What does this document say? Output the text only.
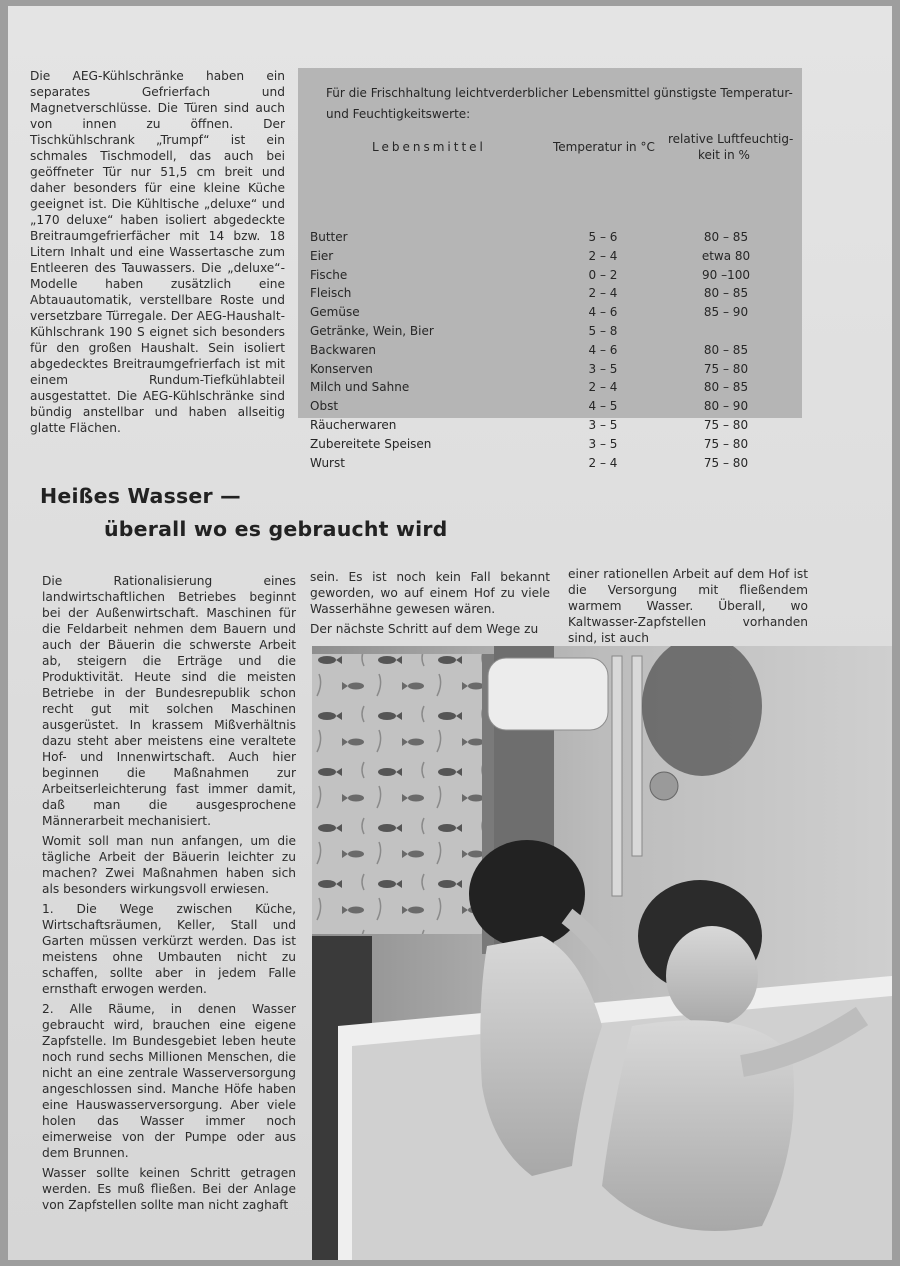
Die AEG-Kühlschränke haben ein separates Gefrierfach und Magnetverschlüsse. Die Türen sind auch von innen zu öffnen. Der Tischkühlschrank „Trumpf“ ist ein schmales Tischmodell, das auch bei geöffneter Tür nur 51,5 cm breit und daher besonders für eine kleine Küche geeignet ist. Die Kühltische „deluxe“ und „170 deluxe“ haben isoliert abgedeckte Breitraumgefrierfächer mit 14 bzw. 18 Litern Inhalt und eine Wassertasche zum Entleeren des Tauwassers. Die „deluxe“-Modelle haben zusätzlich eine Abtauautomatik, verstellbare Roste und versetzbare Türregale. Der AEG-Haushalt-Kühlschrank 190 S eignet sich besonders für den großen Haushalt. Sein isoliert abgedecktes Breitraumgefrierfach ist mit einem Rundum-Tiefkühlabteil ausgestattet. Die AEG-Kühlschränke sind bündig anstellbar und haben allseitig glatte Flächen.

Für die Frischhaltung leichtverderblicher Lebensmittel günstigste Temperatur- und Feuchtigkeitswerte:
Lebensmittel	Temperatur in °C
relative Luftfeuchtig-
keit in %
Butter	5 – 6	80 – 85
Eier	2 – 4	etwa 80
Fische	0 – 2	90 –100
Fleisch	2 – 4	80 – 85
Gemüse	4 – 6	85 – 90
Getränke, Wein, Bier	5 – 8
Backwaren	4 – 6	80 – 85
Konserven	3 – 5	75 – 80
Milch und Sahne	2 – 4	80 – 85
Obst	4 – 5	80 – 90
Räucherwaren	3 – 5	75 – 80
Zubereitete Speisen	3 – 5	75 – 80
Wurst	2 – 4	75 – 80
Heißes Wasser —
überall wo es gebraucht wird

Die Rationalisierung eines landwirtschaftlichen Betriebes beginnt bei der Außenwirtschaft. Maschinen für die Feldarbeit nehmen dem Bauern und auch der Bäuerin die schwerste Arbeit ab, steigern die Erträge und die Produktivität. Heute sind die meisten Betriebe in der Bundesrepublik schon recht gut mit solchen Maschinen ausgerüstet. In krassem Mißverhältnis dazu steht aber meistens eine veraltete Hof- und Innenwirtschaft. Auch hier beginnen die Maßnahmen zur Arbeitserleichterung fast immer damit, daß man die ausgesprochene Männerarbeit mechanisiert.

Womit soll man nun anfangen, um die tägliche Arbeit der Bäuerin leichter zu machen? Zwei Maßnahmen haben sich als besonders wirkungsvoll erwiesen.

1. Die Wege zwischen Küche, Wirtschaftsräumen, Keller, Stall und Garten müssen verkürzt werden. Das ist meistens ohne Umbauten nicht zu schaffen, sollte aber in jedem Falle ernsthaft erwogen werden.

2. Alle Räume, in denen Wasser gebraucht wird, brauchen eine eigene Zapfstelle. Im Bundesgebiet leben heute noch rund sechs Millionen Menschen, die nicht an eine zentrale Wasserversorgung angeschlossen sind. Manche Höfe haben eine Hauswasserversorgung. Aber viele holen das Wasser immer noch eimerweise von der Pumpe oder aus dem Brunnen.

Wasser sollte keinen Schritt getragen werden. Es muß fließen. Bei der Anlage von Zapfstellen sollte man nicht zaghaft

sein. Es ist noch kein Fall bekannt geworden, wo auf einem Hof zu viele Wasserhähne gewesen wären.

Der nächste Schritt auf dem Wege zu

einer rationellen Arbeit auf dem Hof ist die Versorgung mit fließendem warmem Wasser. Überall, wo Kaltwasser-Zapfstellen vorhanden sind, ist auch
